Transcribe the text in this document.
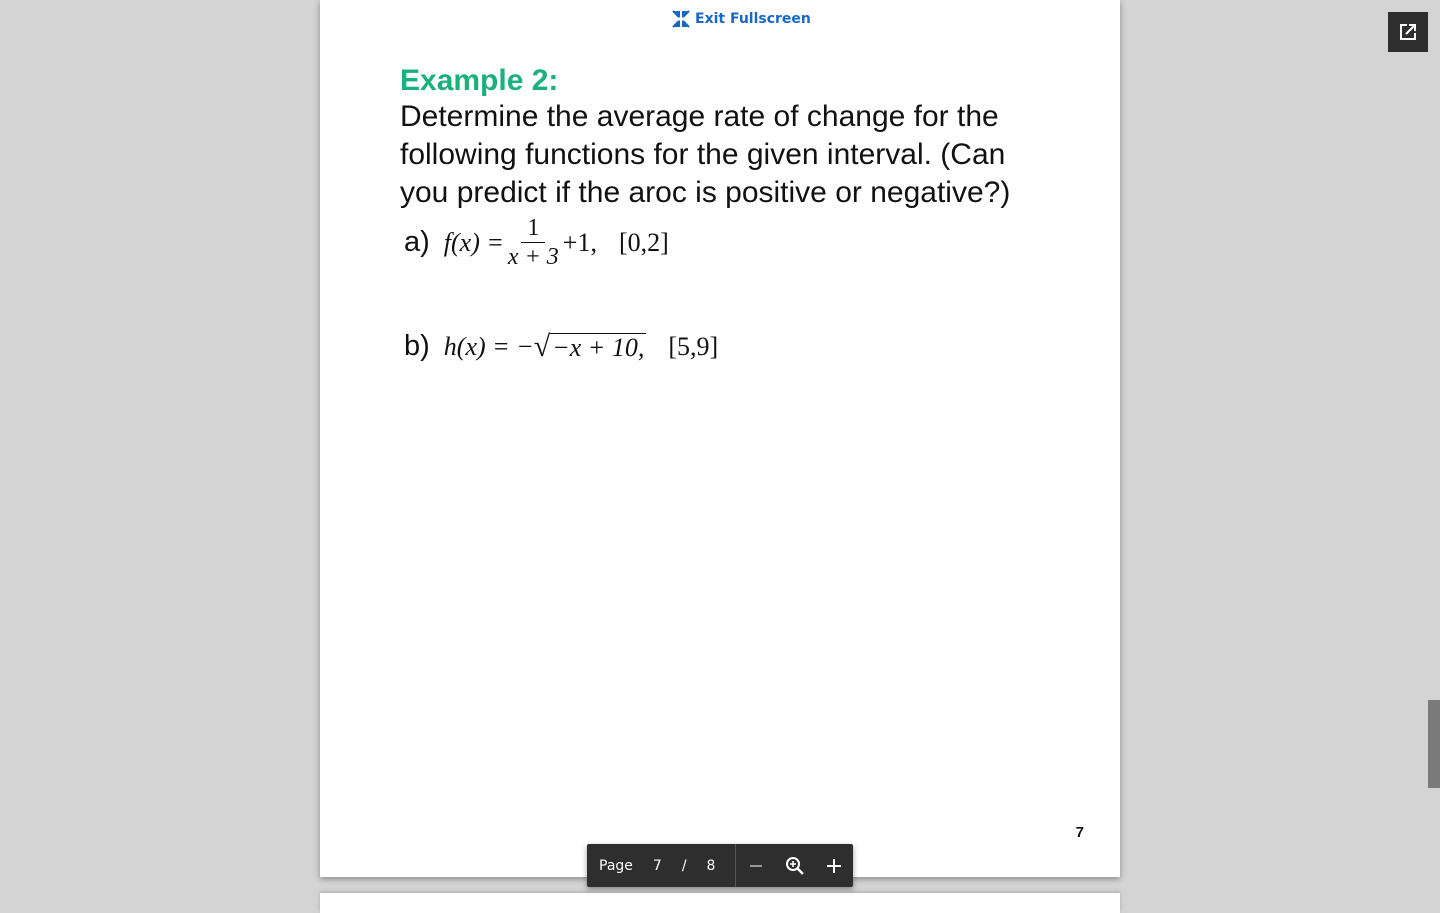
Exit Fullscreen
Example 2:

Determine the average rate of change for the following functions for the given interval. (Can you predict if the aroc is positive or negative?)

a) $f(x) = \frac{1}{x + 3} +1$, [0,2]
b) h(x) = − √ −x + 10, [5,9]
7
Page 7 / 8
